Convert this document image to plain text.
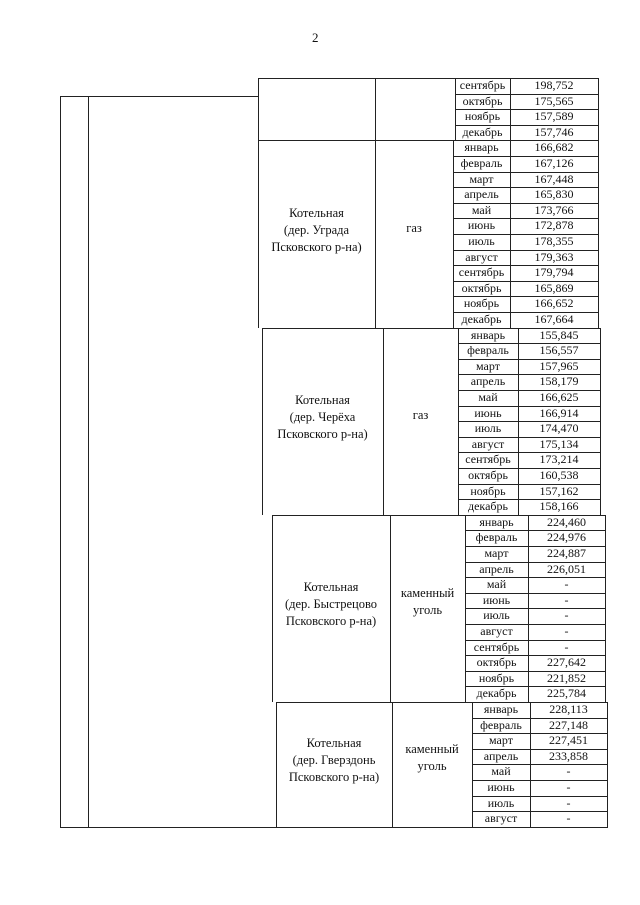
2
сентябрь	198,752
октябрь	175,565
ноябрь	157,589
декабрь	157,746
Котельная
(дер. Уграда
Псковского р-на)
газ
январь	166,682
февраль	167,126
март	167,448
апрель	165,830
май	173,766
июнь	172,878
июль	178,355
август	179,363
сентябрь	179,794
октябрь	165,869
ноябрь	166,652
декабрь	167,664
Котельная
(дер. Черёха
Псковского р-на)
газ
январь	155,845
февраль	156,557
март	157,965
апрель	158,179
май	166,625
июнь	166,914
июль	174,470
август	175,134
сентябрь	173,214
октябрь	160,538
ноябрь	157,162
декабрь	158,166
Котельная
(дер. Быстрецово
Псковского р-на)
каменный
уголь
январь	224,460
февраль	224,976
март	224,887
апрель	226,051
май	-
июнь	-
июль	-
август	-
сентябрь	-
октябрь	227,642
ноябрь	221,852
декабрь	225,784
Котельная
(дер. Гверздонь
Псковского р-на)
каменный
уголь
январь	228,113
февраль	227,148
март	227,451
апрель	233,858
май	-
июнь	-
июль	-
август	-
